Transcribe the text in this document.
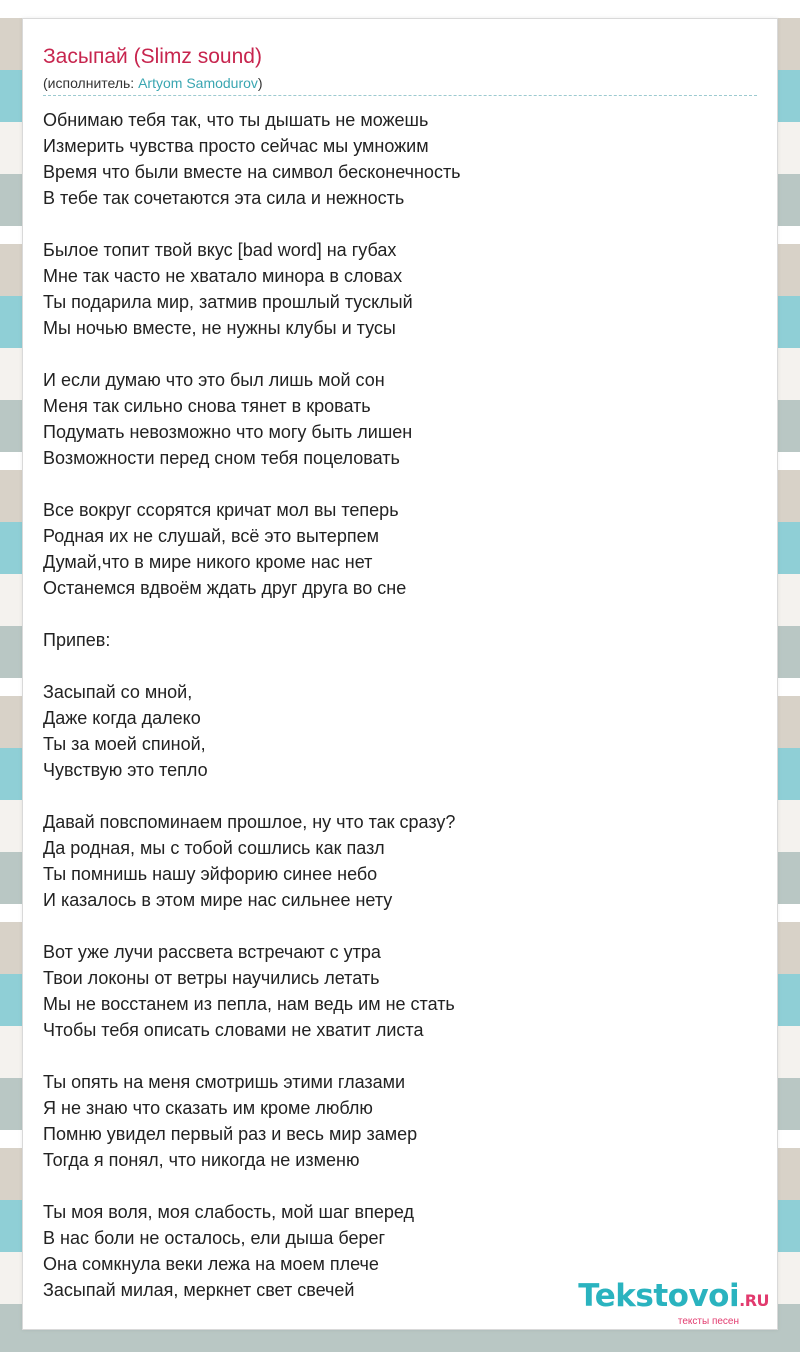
Засыпай (Slimz sound)
(исполнитель: Artyom Samodurov)
Обнимаю тебя так, что ты дышать не можешь
Измерить чувства просто сейчас мы умножим
Время что были вместе на символ бесконечность
В тебе так сочетаются эта сила и нежность
Былое топит твой вкус [bad word] на губах
Мне так часто не хватало минора в словах
Ты подарила мир, затмив прошлый тусклый
Мы ночью вместе, не нужны клубы и тусы
И если думаю что это был лишь мой сон
Меня так сильно снова тянет в кровать
Подумать невозможно что могу быть лишен
Возможности перед сном тебя поцеловать
Все вокруг ссорятся кричат мол вы теперь
Родная их не слушай, всё это вытерпем
Думай,что в мире никого кроме нас нет
Останемся вдвоём ждать друг друга во сне
Припев:
Засыпай со мной,
Даже когда далеко
Ты за моей спиной,
Чувствую это тепло
Давай повспоминаем прошлое, ну что так сразу?
Да родная, мы с тобой сошлись как пазл
Ты помнишь нашу эйфорию синее небо
И казалось в этом мире нас сильнее нету
Вот уже лучи рассвета встречают с утра
Твои локоны от ветры научились летать
Мы не восстанем из пепла, нам ведь им не стать
Чтобы тебя описать словами не хватит листа
Ты опять на меня смотришь этими глазами
Я не знаю что сказать им кроме люблю
Помню увидел первый раз и весь мир замер
Тогда я понял, что никогда не изменю
Ты моя воля, моя слабость, мой шаг вперед
В нас боли не осталось, ели дыша берег
Она сомкнула веки лежа на моем плече
Засыпай милая, меркнет свет свечей	Tekstovoi.RU
тексты песен
